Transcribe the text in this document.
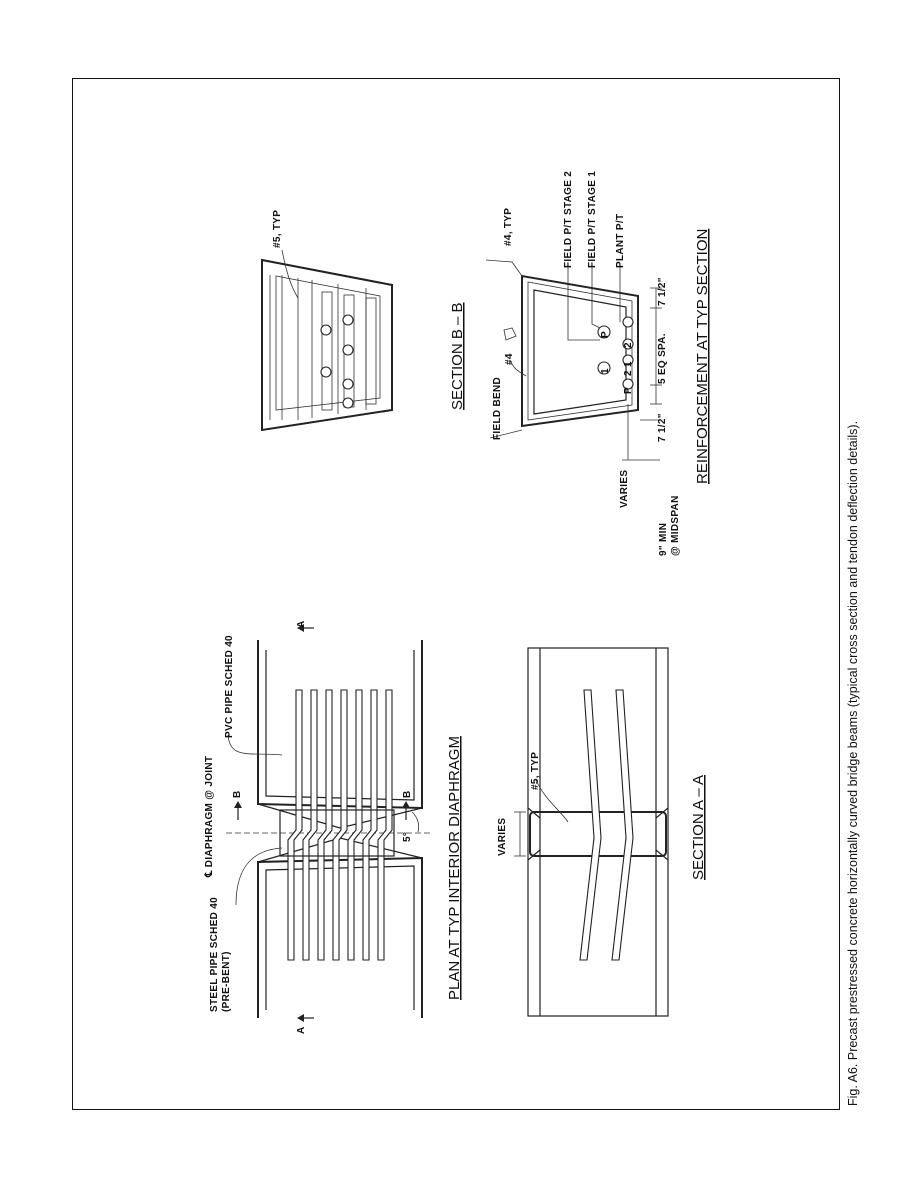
STEEL PIPE SCHED 40 (PRE-BENT)
℄ DIAPHRAGM @ JOINT
PVC PIPE SCHED 40
A
A
B	B
5° PLAN AT TYP INTERIOR DIAPHRAGM	VARIES
#5, TYP
SECTION A – A
#5, TYP
SECTION B – B	FIELD BEND
#4
#4, TYP	FIELD P/T STAGE 2 FIELD P/T STAGE 1 PLANT P/T
1
P
P
2 1
2
VARIES
9" MIN @ MIDSPAN
7 1/2"
5 EQ SPA.
7 1/2" REINFORCEMENT AT TYP SECTION
Fig. A6. Precast prestressed concrete horizontally curved bridge beams (typical cross section and tendon deflection details).
